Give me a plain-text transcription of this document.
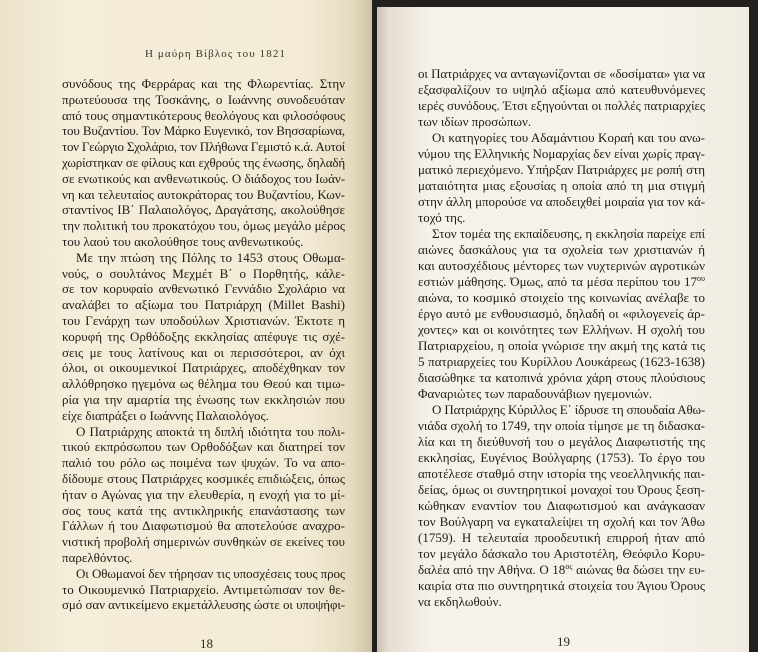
Η μαύρη Βίβλος του 1821
συνόδους της Φερράρας και της Φλωρεντίας. Στην
πρωτεύουσα της Τοσκάνης, ο Ιωάννης συνοδευόταν
από τους σημαντικότερους θεολόγους και φιλοσόφους
του Βυζαντίου. Τον Μάρκο Ευγενικό, τον Βησσαρίωνα,
τον Γεώργιο Σχολάριο, τον Πλήθωνα Γεμιστό κ.ά. Αυτοί
χωρίστηκαν σε φίλους και εχθρούς της ένωσης, δηλαδή
σε ενωτικούς και ανθενωτικούς. Ο διάδοχος του Ιωάν-
νη και τελευταίος αυτοκράτορας του Βυζαντίου, Κων-
σταντίνος ΙΒ΄ Παλαιολόγος, Δραγάτσης, ακολούθησε
την πολιτική του προκατόχου του, όμως μεγάλο μέρος
του λαού του ακολούθησε τους ανθενωτικούς.
Με την πτώση της Πόλης το 1453 στους Οθωμα-
νούς, ο σουλτάνος Μεχμέτ Β΄ ο Πορθητής, κάλε-
σε τον κορυφαίο ανθενωτικό Γεννάδιο Σχολάριο να
αναλάβει το αξίωμα του Πατριάρχη (Millet Bashi)
του Γενάρχη των υποδούλων Χριστιανών. Έκτοτε η
κορυφή της Ορθόδοξης εκκλησίας απέφυγε τις σχέ-
σεις με τους λατίνους και οι περισσότεροι, αν όχι
όλοι, οι οικουμενικοί Πατριάρχες, αποδέχθηκαν τον
αλλόθρησκο ηγεμόνα ως θέλημα του Θεού και τιμω-
ρία για την αμαρτία της ένωσης των εκκλησιών που
είχε διαπράξει ο Ιωάννης Παλαιολόγος.
Ο Πατριάρχης αποκτά τη διπλή ιδιότητα του πολι-
τικού εκπρόσωπου των Ορθοδόξων και διατηρεί τον
παλιό του ρόλο ως ποιμένα των ψυχών. Το να απο-
δίδουμε στους Πατριάρχες κοσμικές επιδιώξεις, όπως
ήταν ο Αγώνας για την ελευθερία, η ενοχή για το μί-
σος τους κατά της αντικληρικής επανάστασης των
Γάλλων ή του Διαφωτισμού θα αποτελούσε αναχρο-
νιστική προβολή σημερινών συνθηκών σε εκείνες του
παρελθόντος.
Οι Οθωμανοί δεν τήρησαν τις υποσχέσεις τους προς
το Οικουμενικό Πατριαρχείο. Αντιμετώπισαν τον θε-
σμό σαν αντικείμενο εκμετάλλευσης ώστε οι υποψήφι-
18
οι Πατριάρχες να ανταγωνίζονται σε «δοσίματα» για να
εξασφαλίζουν το υψηλό αξίωμα από κατευθυνόμενες
ιερές συνόδους. Έτσι εξηγούνται οι πολλές πατριαρχίες
των ιδίων προσώπων.
Οι κατηγορίες του Αδαμάντιου Κοραή και του ανω-
νύμου της Ελληνικής Νομαρχίας δεν είναι χωρίς πραγ-
ματικό περιεχόμενο. Υπήρξαν Πατριάρχες με ροπή στη
ματαιότητα μιας εξουσίας η οποία από τη μια στιγμή
στην άλλη μπορούσε να αποδειχθεί μοιραία για τον κά-
τοχό της.
Στον τομέα της εκπαίδευσης, η εκκλησία παρείχε επί
αιώνες δασκάλους για τα σχολεία των χριστιανών ή
και αυτοσχέδιους μέντορες των νυχτερινών αγροτικών
εστιών μάθησης. Όμως, από τα μέσα περίπου του $17^{o\upsilon}$
αιώνα, το κοσμικό στοιχείο της κοινωνίας ανέλαβε το
έργο αυτό με ενθουσιασμό, δηλαδή οι «φιλογενείς άρ-
χοντες» και οι κοινότητες των Ελλήνων. Η σχολή του
Πατριαρχείου, η οποία γνώρισε την ακμή της κατά τις
5 πατριαρχείες του Κυρίλλου Λουκάρεως (1623-1638)
διασώθηκε τα κατοπινά χρόνια χάρη στους πλούσιους
Φαναριώτες των παραδουνάβιων ηγεμονιών.
Ο Πατριάρχης Κύριλλος Ε΄ ίδρυσε τη σπουδαία Αθω-
νιάδα σχολή το 1749, την οποία τίμησε με τη διδασκα-
λία και τη διεύθυνσή του ο μεγάλος Διαφωτιστής της
εκκλησίας, Ευγένιος Βούλγαρης (1753). Το έργο του
αποτέλεσε σταθμό στην ιστορία της νεοελληνικής παι-
δείας, όμως οι συντηρητικοί μοναχοί του Όρους ξεση-
κώθηκαν εναντίον του Διαφωτισμού και ανάγκασαν
τον Βούλγαρη να εγκαταλείψει τη σχολή και τον Άθω
(1759). Η τελευταία προοδευτική επιρροή ήταν από
τον μεγάλο δάσκαλο του Αριστοτέλη, Θεόφιλο Κορυ-
δαλέα από την Αθήνα. Ο $18^{o\varsigma}$ αιώνας θα δώσει την ευ-
καιρία στα πιο συντηρητικά στοιχεία του Άγιου Όρους
να εκδηλωθούν.
19
